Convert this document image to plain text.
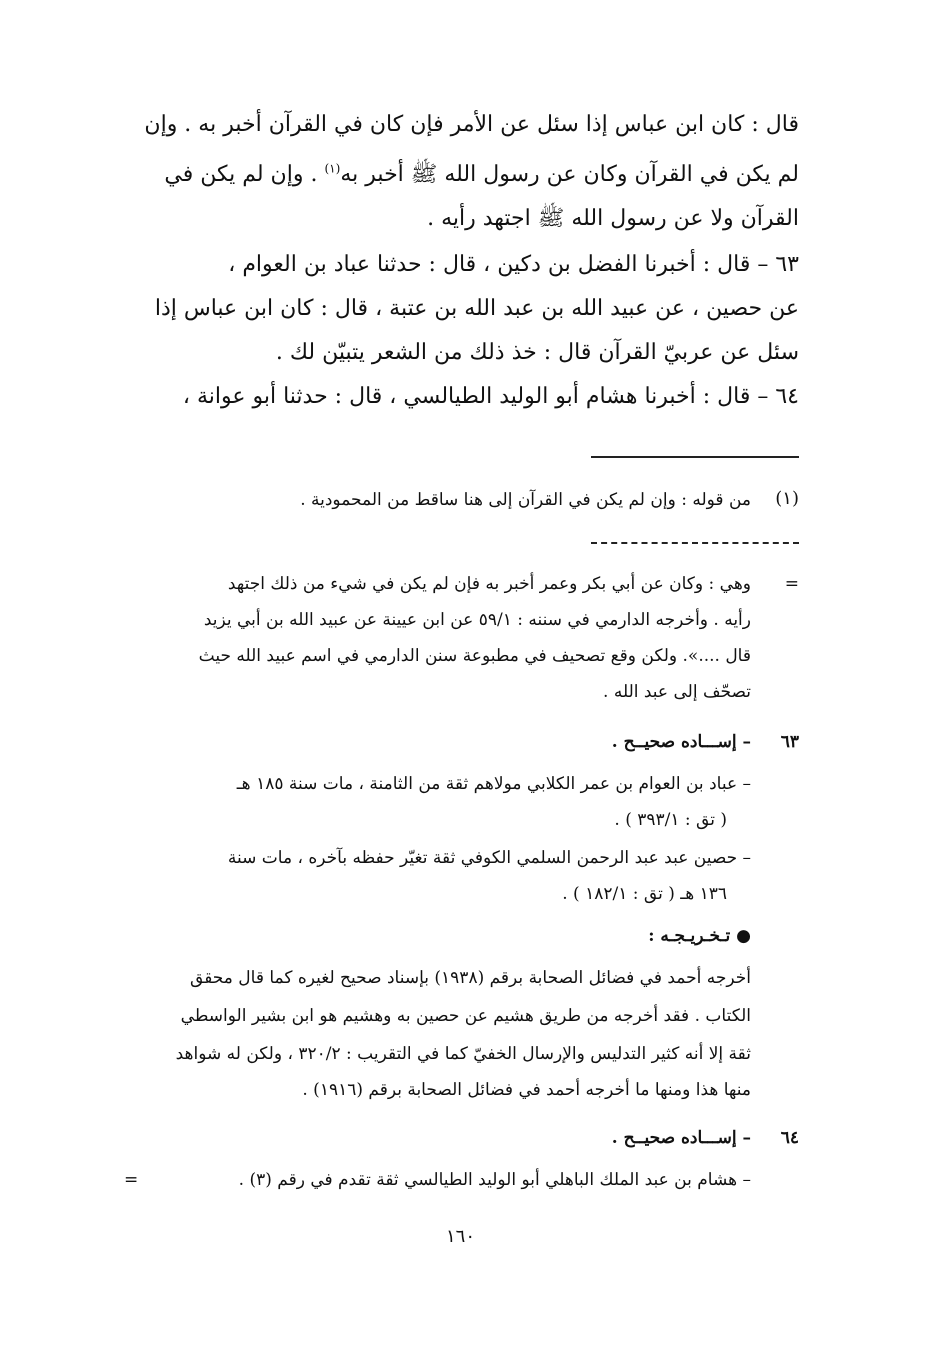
قال : كان ابن عباس إذا سئل عن الأمر فإن كان في القرآن أخبر به . وإن
لم يكن في القرآن وكان عن رسول الله ﷺ أخبر به$^{(١)}$ . وإن لم يكن في
القرآن ولا عن رسول الله ﷺ اجتهد رأيه .
٦٣ – قال : أخبرنا الفضل بن دكين ، قال : حدثنا عباد بن العوام ،
عن حصين ، عن عبيد الله بن عبد الله بن عتبة ، قال : كان ابن عباس إذا
سئل عن عربيّ القرآن قال : خذ ذلك من الشعر يتبيّن لك .
٦٤ – قال : أخبرنا هشام أبو الوليد الطيالسي ، قال : حدثنا أبو عوانة ،
(١)
من قوله : وإن لم يكن في القرآن إلى هنا ساقط من المحمودية .
=
وهي : وكان عن أبي بكر وعمر أخبر به فإن لم يكن في شيء من ذلك اجتهد
رأيه . وأخرجه الدارمي في سننه : ٥٩/١ عن ابن عيينة عن عبيد الله بن أبي يزيد
قال ....». ولكن وقع تصحيف في مطبوعة سنن الدارمي في اسم عبيد الله حيث
تصحّف إلى عبد الله .
٦٣
– إســـاده صحيــح .
– عباد بن العوام بن عمر الكلابي مولاهم ثقة من الثامنة ، مات سنة ١٨٥ هـ
( تق : ٣٩٣/١ ) .
– حصين عبد عبد الرحمن السلمي الكوفي ثقة تغيّر حفظه بآخره ، مات سنة
١٣٦ هـ ( تق : ١٨٢/١ ) .
● تـخـريـجـه :
أخرجه أحمد في فضائل الصحابة برقم (١٩٣٨) بإسناد صحيح لغيره كما قال محقق
الكتاب . فقد أخرجه من طريق هشيم عن حصين به وهشيم هو ابن بشير الواسطي
ثقة إلا أنه كثير التدليس والإرسال الخفيّ كما في التقريب : ٣٢٠/٢ ، ولكن له شواهد
منها هذا ومنها ما أخرجه أحمد في فضائل الصحابة برقم (١٩١٦) .
٦٤
– إســـاده صحيــح .
– هشام بن عبد الملك الباهلي أبو الوليد الطيالسي ثقة تقدم في رقم (٣) .
=
١٦٠
